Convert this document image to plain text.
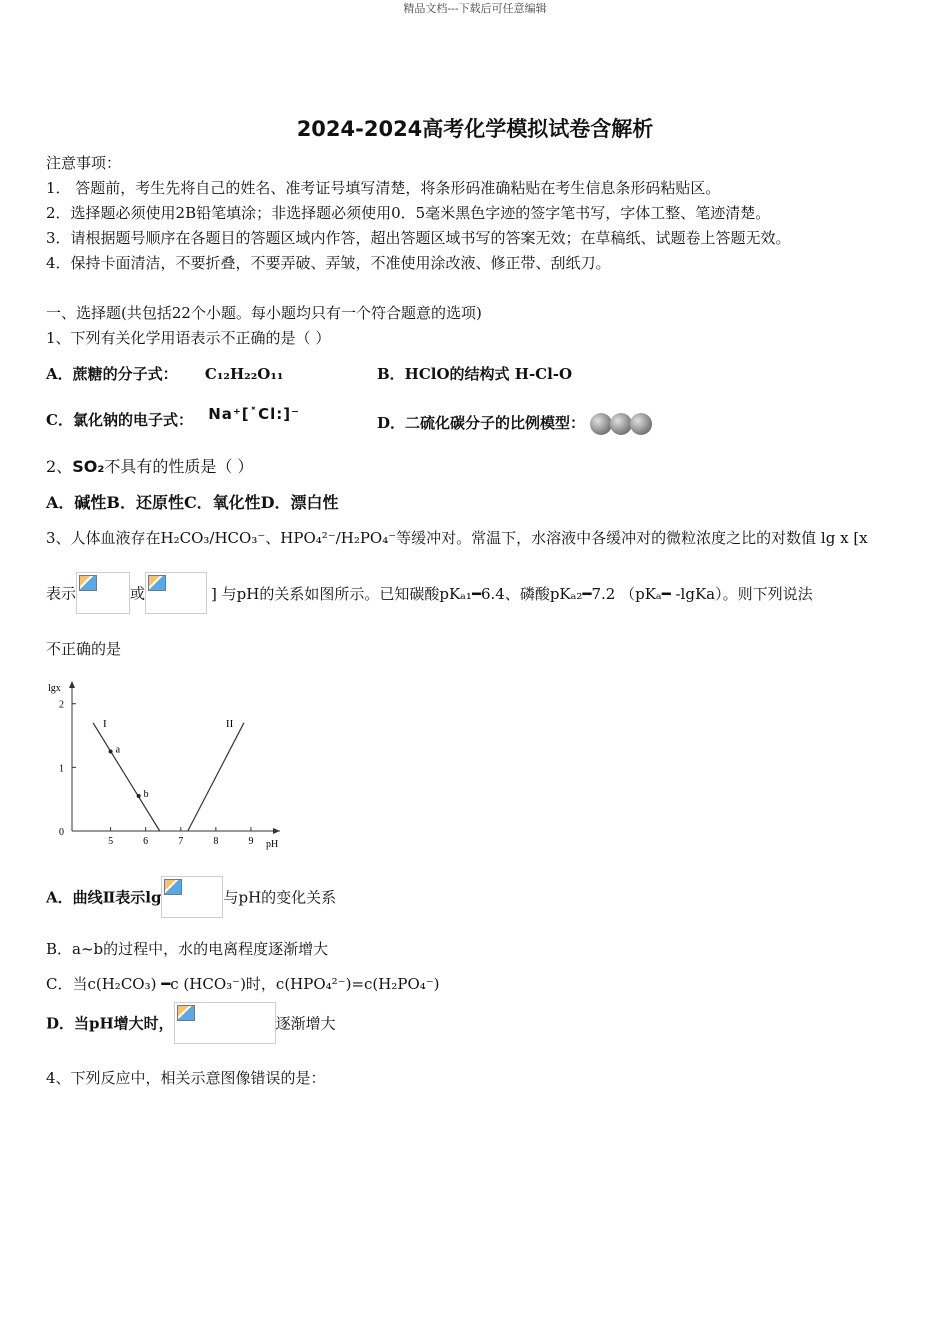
精品文档---下载后可任意编辑
2024-2024高考化学模拟试卷含解析
注意事项：
1． 答题前，考生先将自己的姓名、准考证号填写清楚，将条形码准确粘贴在考生信息条形码粘贴区。
2．选择题必须使用2B铅笔填涂；非选择题必须使用0．5毫米黑色字迹的签字笔书写，字体工整、笔迹清楚。
3．请根据题号顺序在各题目的答题区域内作答，超出答题区域书写的答案无效；在草稿纸、试题卷上答题无效。
4．保持卡面清洁，不要折叠，不要弄破、弄皱，不准使用涂改液、修正带、刮纸刀。
一、选择题(共包括22个小题。每小题均只有一个符合题意的选项)
1、下列有关化学用语表示不正确的是（ ）
A．蔗糖的分子式： C₁₂H₂₂O₁₁	B．HClO的结构式 H-Cl-O
C．氯化钠的电子式： Na⁺[˟Cl:]⁻	D．二硫化碳分子的比例模型：
2、SO₂不具有的性质是（ ）
A．碱性B．还原性C．氧化性D．漂白性
3、人体血液存在H₂CO₃/HCO₃⁻、HPO₄²⁻/H₂PO₄⁻等缓冲对。常温下，水溶液中各缓冲对的微粒浓度之比的对数值 lg x [x
表示	或	] 与pH的关系如图所示。已知碳酸pKₐ₁━6.4、磷酸pKₐ₂━7.2 （pKₐ━ -lgKa）。则下列说法
不正确的是
5	6	7	8	9
0
1
2
lgx
pH
I	II
a
b
A．曲线Ⅱ表示lg	与pH的变化关系
B．a~b的过程中，水的电离程度逐渐增大
C．当c(H₂CO₃) ━c (HCO₃⁻)时，c(HPO₄²⁻)=c(H₂PO₄⁻)
D．当pH增大时，	逐渐增大
4、下列反应中，相关示意图像错误的是：
